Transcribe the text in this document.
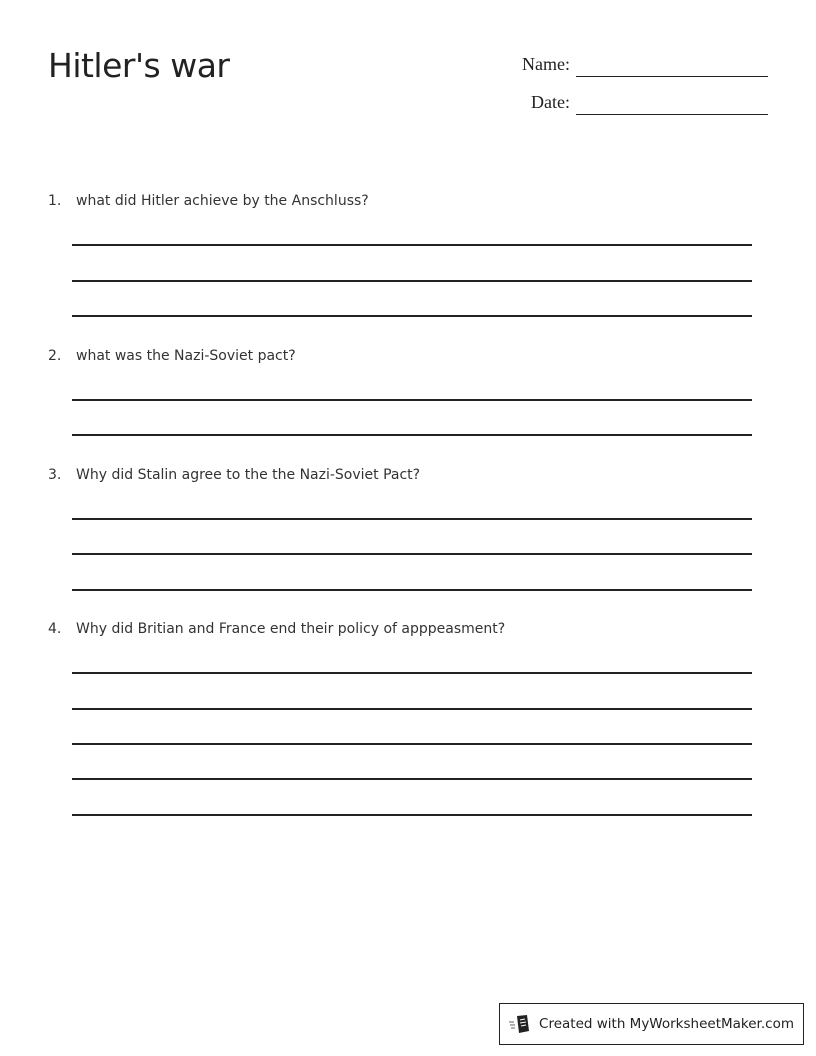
Hitler's war	Name:
Date:
1. what did Hitler achieve by the Anschluss?
2. what was the Nazi-Soviet pact?
3. Why did Stalin agree to the the Nazi-Soviet Pact?
4. Why did Britian and France end their policy of apppeasment?
Created with MyWorksheetMaker.com
